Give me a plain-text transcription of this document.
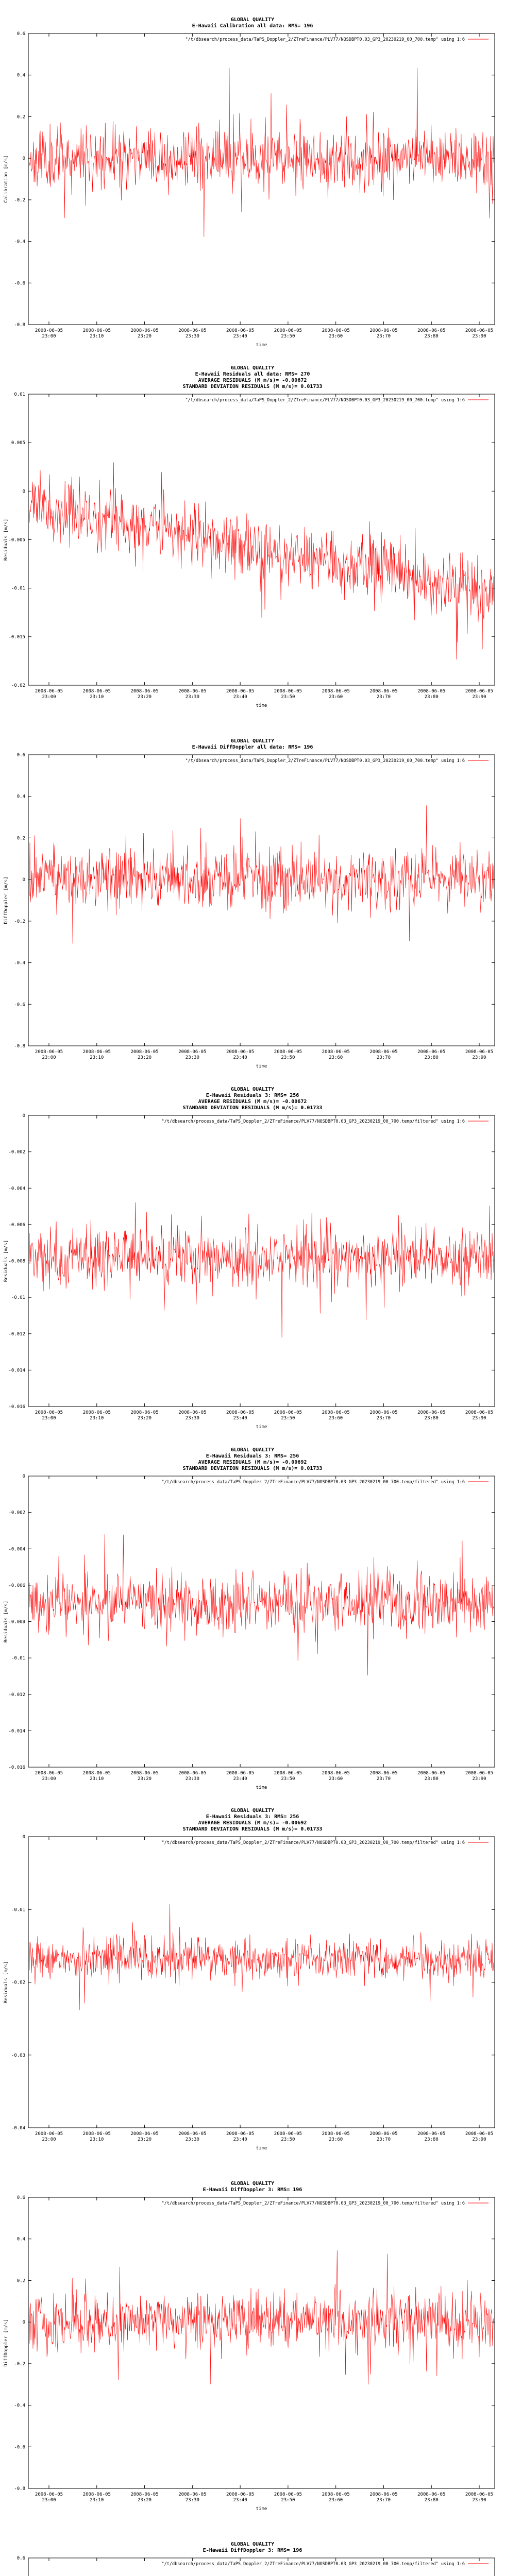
GLOBAL QUALITY
E-Hawaii Calibration all data: RMS= 196
0.6
0.4
0.2
0
-0.2
-0.4
-0.6
-0.8
2008-06-05
23:00
2008-06-05
23:10
2008-06-05
23:20
2008-06-05
23:30
2008-06-05
23:40
2008-06-05
23:50
2008-06-05
23:60
2008-06-05
23:70
2008-06-05
23:80
2008-06-05
23:90
time
Calibration [m/s]
"/t/dbsearch/process_data/TaPS_Doppler_2/ZTreFinance/PLV77/NOSDBPT0.03_GP3_20230219_00_700.temp" using 1:6
GLOBAL QUALITY
E-Hawaii Residuals all data: RMS= 270
AVERAGE RESIDUALS (M m/s)= -0.00672
STANDARD DEVIATION RESIDUALS (M m/s)= 0.01733
0.01
0.005
0
-0.005
-0.01
-0.015
-0.02
2008-06-05
23:00
2008-06-05
23:10
2008-06-05
23:20
2008-06-05
23:30
2008-06-05
23:40
2008-06-05
23:50
2008-06-05
23:60
2008-06-05
23:70
2008-06-05
23:80
2008-06-05
23:90
time
Residuals [m/s]
"/t/dbsearch/process_data/TaPS_Doppler_2/ZTreFinance/PLV77/NOSDBPT0.03_GP3_20230219_00_700.temp" using 1:6
GLOBAL QUALITY
E-Hawaii DiffDoppler all data: RMS= 196
0.6
0.4
0.2
0
-0.2
-0.4
-0.6
-0.8
2008-06-05
23:00
2008-06-05
23:10
2008-06-05
23:20
2008-06-05
23:30
2008-06-05
23:40
2008-06-05
23:50
2008-06-05
23:60
2008-06-05
23:70
2008-06-05
23:80
2008-06-05
23:90
time
DiffDoppler [m/s]
"/t/dbsearch/process_data/TaPS_Doppler_2/ZTreFinance/PLV77/NOSDBPT0.03_GP3_20230219_00_700.temp" using 1:6
GLOBAL QUALITY
E-Hawaii Residuals 3: RMS= 256
AVERAGE RESIDUALS (M m/s)= -0.00672
STANDARD DEVIATION RESIDUALS (M m/s)= 0.01733
0
-0.002
-0.004
-0.006
-0.008
-0.01
-0.012
-0.014
-0.016
2008-06-05
23:00
2008-06-05
23:10
2008-06-05
23:20
2008-06-05
23:30
2008-06-05
23:40
2008-06-05
23:50
2008-06-05
23:60
2008-06-05
23:70
2008-06-05
23:80
2008-06-05
23:90
time
Residuals [m/s]
"/t/dbsearch/process_data/TaPS_Doppler_2/ZTreFinance/PLV77/NOSDBPT0.03_GP3_20230219_00_700.temp/filtered" using 1:6
GLOBAL QUALITY
E-Hawaii Residuals 3: RMS= 256
AVERAGE RESIDUALS (M m/s)= -0.00692
STANDARD DEVIATION RESIDUALS (M m/s)= 0.01733
0
-0.002
-0.004
-0.006
-0.008
-0.01
-0.012
-0.014
-0.016
2008-06-05
23:00
2008-06-05
23:10
2008-06-05
23:20
2008-06-05
23:30
2008-06-05
23:40
2008-06-05
23:50
2008-06-05
23:60
2008-06-05
23:70
2008-06-05
23:80
2008-06-05
23:90
time
Residuals [m/s]
"/t/dbsearch/process_data/TaPS_Doppler_2/ZTreFinance/PLV77/NOSDBPT0.03_GP3_20230219_00_700.temp/filtered" using 1:6
GLOBAL QUALITY
E-Hawaii Residuals 3: RMS= 256
AVERAGE RESIDUALS (M m/s)= -0.00692
STANDARD DEVIATION RESIDUALS (M m/s)= 0.01733
0
-0.01
-0.02
-0.03
-0.04
2008-06-05
23:00
2008-06-05
23:10
2008-06-05
23:20
2008-06-05
23:30
2008-06-05
23:40
2008-06-05
23:50
2008-06-05
23:60
2008-06-05
23:70
2008-06-05
23:80
2008-06-05
23:90
time
Residuals [m/s]
"/t/dbsearch/process_data/TaPS_Doppler_2/ZTreFinance/PLV77/NOSDBPT0.03_GP3_20230219_00_700.temp/filtered" using 1:6
GLOBAL QUALITY
E-Hawaii DiffDoppler 3: RMS= 196
0.6
0.4
0.2
0
-0.2
-0.4
-0.6
-0.8
2008-06-05
23:00
2008-06-05
23:10
2008-06-05
23:20
2008-06-05
23:30
2008-06-05
23:40
2008-06-05
23:50
2008-06-05
23:60
2008-06-05
23:70
2008-06-05
23:80
2008-06-05
23:90
time
DiffDoppler [m/s]
"/t/dbsearch/process_data/TaPS_Doppler_2/ZTreFinance/PLV77/NOSDBPT0.03_GP3_20230219_00_700.temp/filtered" using 1:6
GLOBAL QUALITY
E-Hawaii DiffDoppler 3: RMS= 196
0.6
"/t/dbsearch/process_data/TaPS_Doppler_2/ZTreFinance/PLV77/NOSDBPT0.03_GP3_20230219_00_700.temp/filtered" using 1:6
